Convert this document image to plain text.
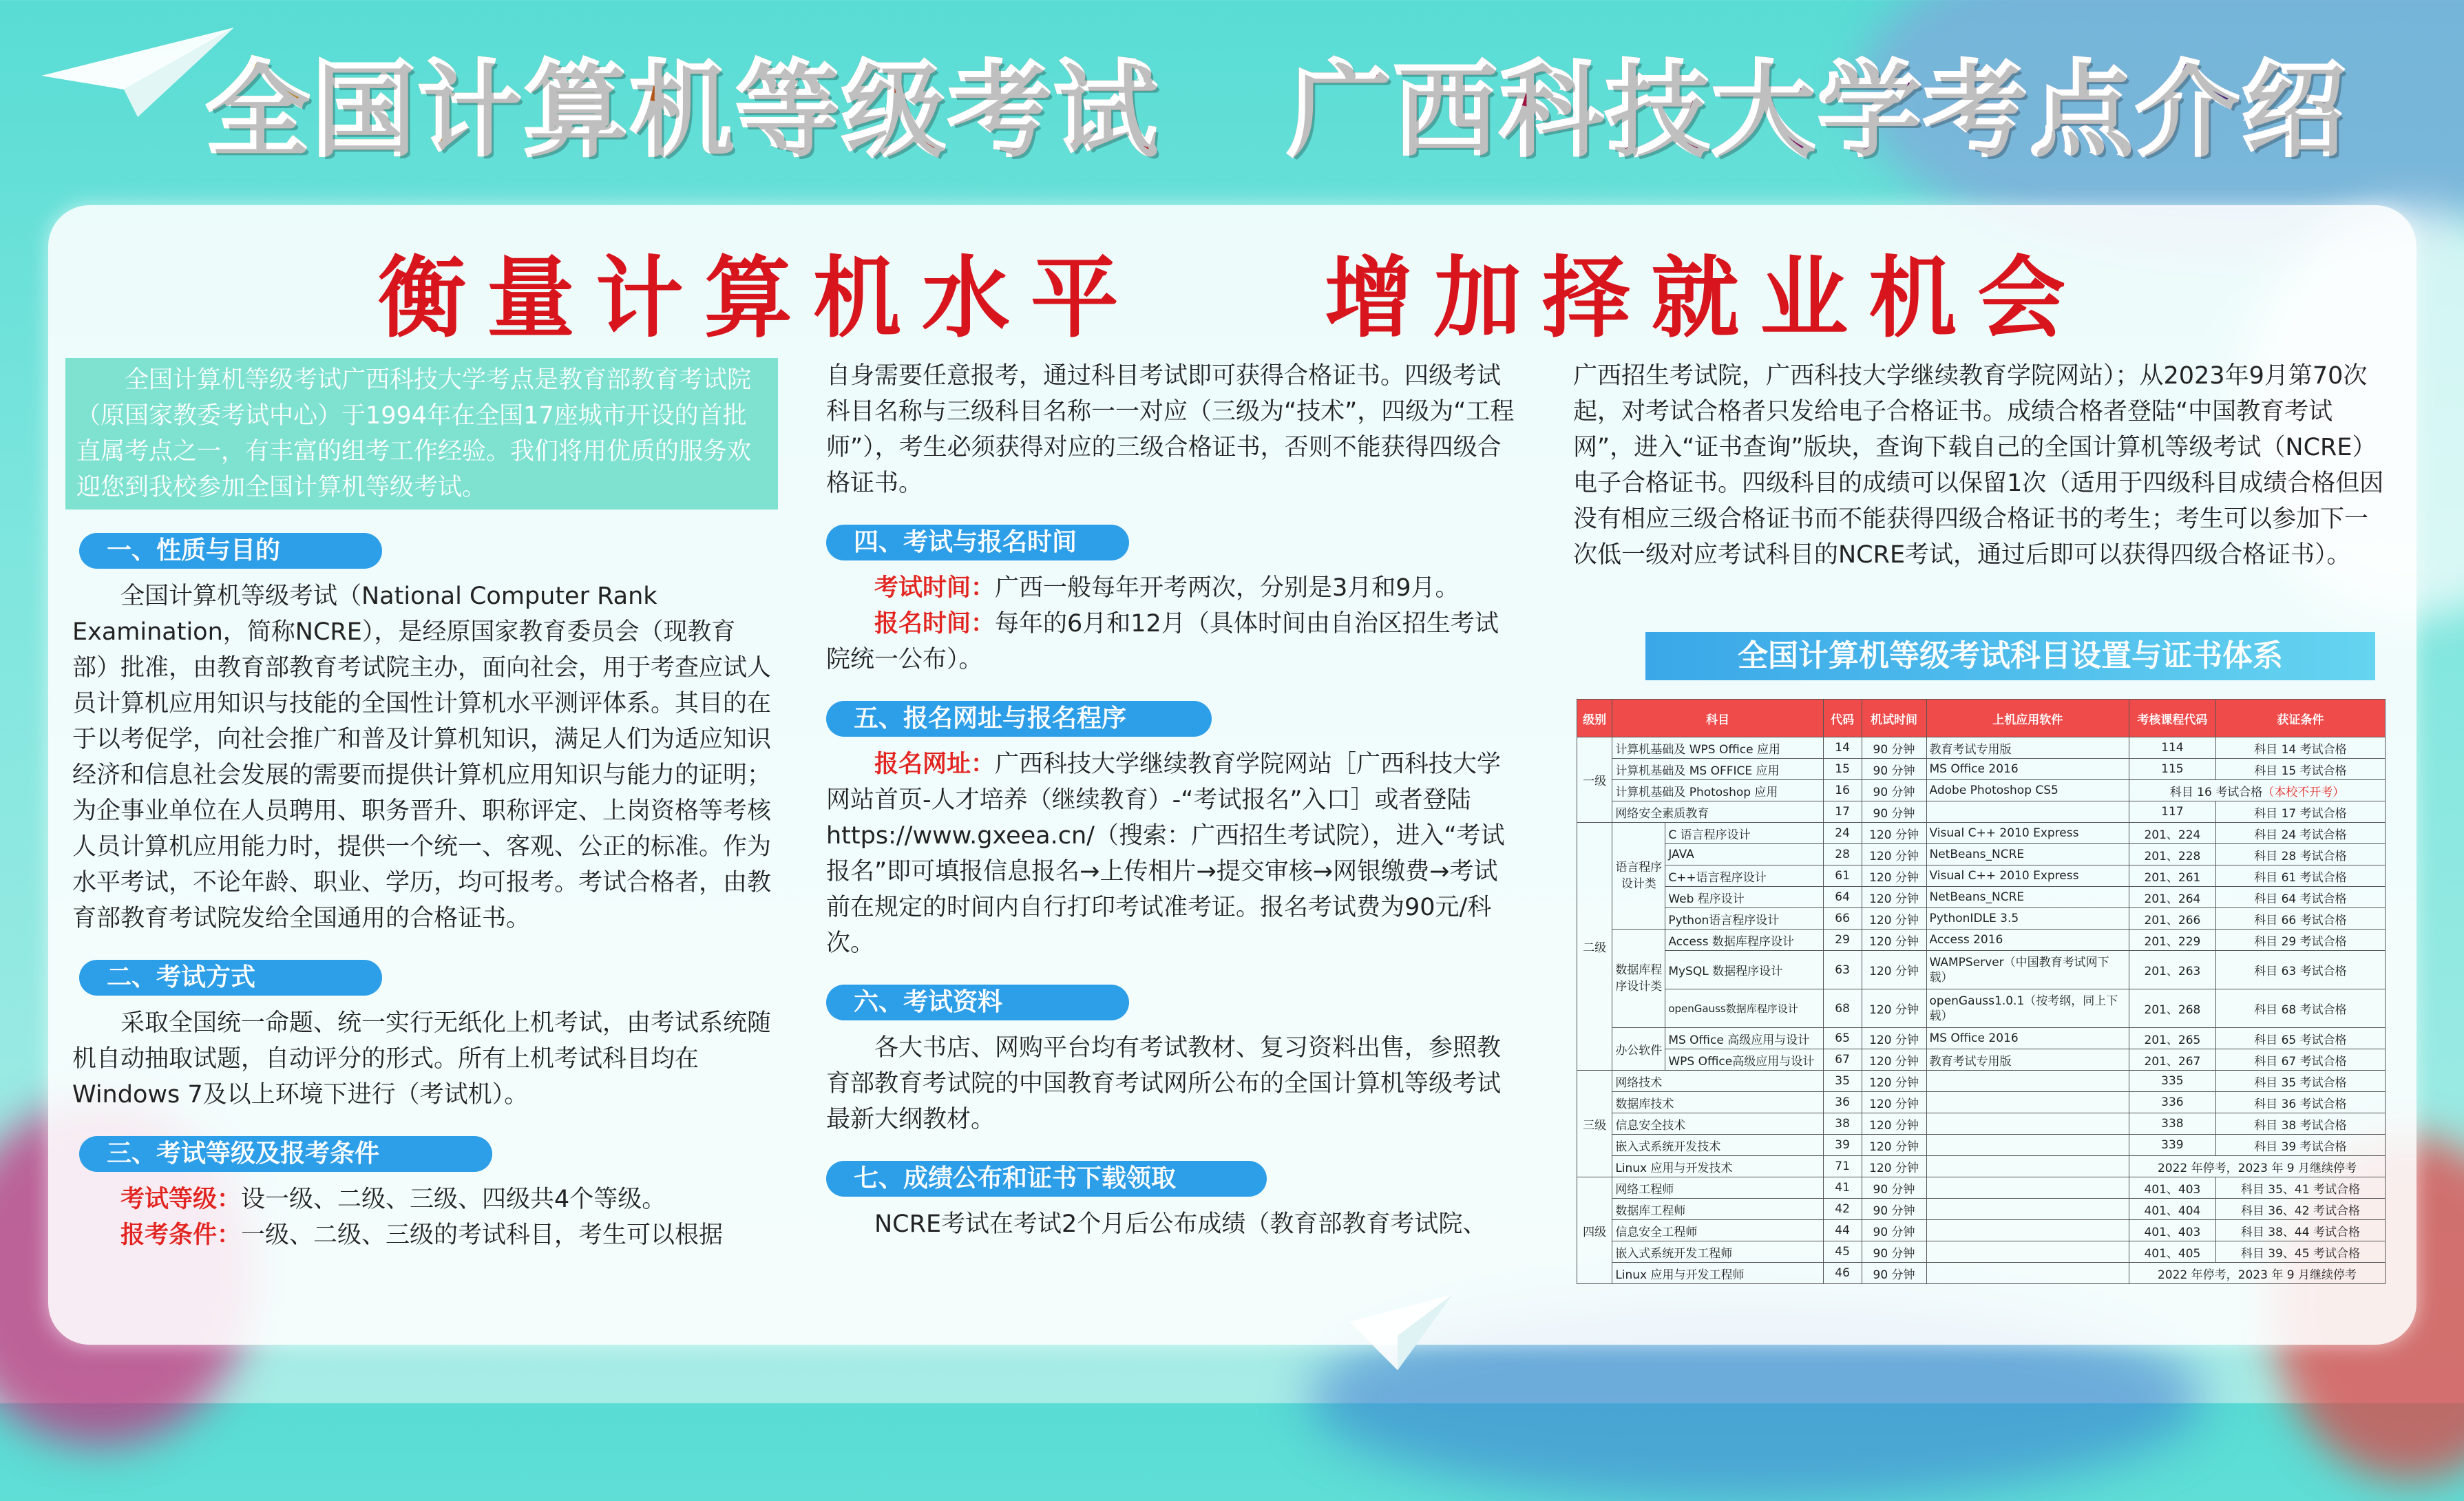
全国计算机等级考试 广西科技大学考点介绍
衡量计算机水平 增加择就业机会

全国计算机等级考试广西科技大学考点是教育部教育考试院（原国家教委考试中心）于1994年在全国17座城市开设的首批直属考点之一，有丰富的组考工作经验。我们将用优质的服务欢迎您到我校参加全国计算机等级考试。

一、性质与目的

全国计算机等级考试（National Computer Rank Examination，简称NCRE），是经原国家教育委员会（现教育部）批准，由教育部教育考试院主办，面向社会，用于考查应试人员计算机应用知识与技能的全国性计算机水平测评体系。其目的在于以考促学，向社会推广和普及计算机知识，满足人们为适应知识经济和信息社会发展的需要而提供计算机应用知识与能力的证明；为企事业单位在人员聘用、职务晋升、职称评定、上岗资格等考核人员计算机应用能力时，提供一个统一、客观、公正的标准。作为水平考试，不论年龄、职业、学历，均可报考。考试合格者，由教育部教育考试院发给全国通用的合格证书。

二、考试方式

采取全国统一命题、统一实行无纸化上机考试，由考试系统随机自动抽取试题，自动评分的形式。所有上机考试科目均在Windows 7及以上环境下进行（考试机）。

三、考试等级及报考条件

考试等级：设一级、二级、三级、四级共4个等级。

报考条件：一级、二级、三级的考试科目，考生可以根据

自身需要任意报考，通过科目考试即可获得合格证书。四级考试科目名称与三级科目名称一一对应（三级为“技术”，四级为“工程师”），考生必须获得对应的三级合格证书，否则不能获得四级合格证书。

四、考试与报名时间

考试时间：广西一般每年开考两次，分别是3月和9月。

报名时间：每年的6月和12月（具体时间由自治区招生考试院统一公布）。

五、报名网址与报名程序

报名网址：广西科技大学继续教育学院网站［广西科技大学网站首页-人才培养（继续教育）-“考试报名”入口］或者登陆https://www.gxeea.cn/（搜索：广西招生考试院），进入“考试报名”即可填报信息报名→上传相片→提交审核→网银缴费→考试前在规定的时间内自行打印考试准考证。报名考试费为90元/科次。

六、考试资料

各大书店、网购平台均有考试教材、复习资料出售，参照教育部教育考试院的中国教育考试网所公布的全国计算机等级考试最新大纲教材。

七、成绩公布和证书下载领取

NCRE考试在考试2个月后公布成绩（教育部教育考试院、

广西招生考试院，广西科技大学继续教育学院网站）；从2023年9月第70次起，对考试合格者只发给电子合格证书。成绩合格者登陆“中国教育考试网”，进入“证书查询”版块，查询下载自己的全国计算机等级考试（NCRE）电子合格证书。四级科目的成绩可以保留1次（适用于四级科目成绩合格但因没有相应三级合格证书而不能获得四级合格证书的考生；考生可以参加下一次低一级对应考试科目的NCRE考试，通过后即可以获得四级合格证书）。

全国计算机等级考试科目设置与证书体系
级别	科目		代码	机试时间	上机应用软件	考核课程代码	获证条件
一级	计算机基础及 WPS Office 应用		14	90 分钟	教育考试专用版	114	科目 14 考试合格
	计算机基础及 MS OFFICE 应用		15	90 分钟	MS Office 2016	115	科目 15 考试合格
	计算机基础及 Photoshop 应用		16	90 分钟	Adobe Photoshop CS5	科目 16 考试合格（本校不开考）	
	网络安全素质教育		17	90 分钟		117	科目 17 考试合格
二级	语言程序设计类	C 语言程序设计	24	120 分钟	Visual C++ 2010 Express	201、224	科目 24 考试合格
		JAVA	28	120 分钟	NetBeans_NCRE	201、228	科目 28 考试合格
		C++语言程序设计	61	120 分钟	Visual C++ 2010 Express	201、261	科目 61 考试合格
		Web 程序设计	64	120 分钟	NetBeans_NCRE	201、264	科目 64 考试合格
		Python语言程序设计	66	120 分钟	PythonIDLE 3.5	201、266	科目 66 考试合格
	数据库程序设计类	Access 数据库程序设计	29	120 分钟	Access 2016	201、229	科目 29 考试合格
		MySQL 数据程序设计	63	120 分钟	WAMPServer（中国教育考试网下载）	201、263	科目 63 考试合格
		openGauss数据库程序设计	68	120 分钟	openGauss1.0.1（按考纲，同上下载）	201、268	科目 68 考试合格
	办公软件	MS Office 高级应用与设计	65	120 分钟	MS Office 2016	201、265	科目 65 考试合格
		WPS Office高级应用与设计	67	120 分钟	教育考试专用版	201、267	科目 67 考试合格
三级	网络技术		35	120 分钟		335	科目 35 考试合格
	数据库技术		36	120 分钟		336	科目 36 考试合格
	信息安全技术		38	120 分钟		338	科目 38 考试合格
	嵌入式系统开发技术		39	120 分钟		339	科目 39 考试合格
	Linux 应用与开发技术		71	120 分钟		2022 年停考，2023 年 9 月继续停考	
四级	网络工程师		41	90 分钟		401、403	科目 35、41 考试合格
	数据库工程师		42	90 分钟		401、404	科目 36、42 考试合格
	信息安全工程师		44	90 分钟		401、403	科目 38、44 考试合格
	嵌入式系统开发工程师		45	90 分钟		401、405	科目 39、45 考试合格
	Linux 应用与开发工程师		46	90 分钟		2022 年停考，2023 年 9 月继续停考	
